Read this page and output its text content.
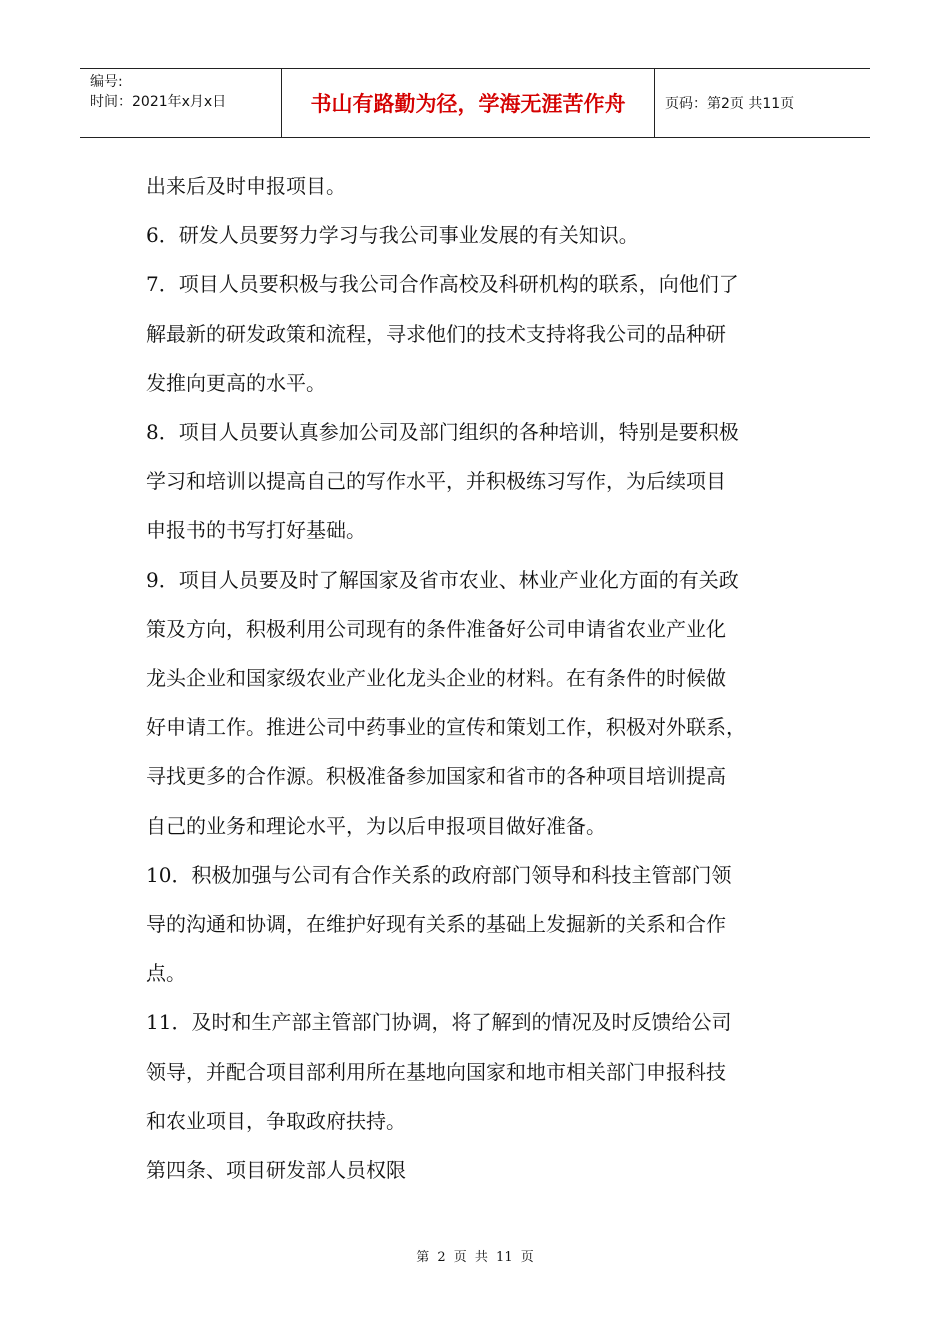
编号:
时间：2021年x月x日	书山有路勤为径，学海无涯苦作舟	页码：第2页 共11页

出来后及时申报项目。

6．研发人员要努力学习与我公司事业发展的有关知识。

7．项目人员要积极与我公司合作高校及科研机构的联系，向他们了

解最新的研发政策和流程，寻求他们的技术支持将我公司的品种研

发推向更高的水平。

8．项目人员要认真参加公司及部门组织的各种培训，特别是要积极

学习和培训以提高自己的写作水平，并积极练习写作，为后续项目

申报书的书写打好基础。

9．项目人员要及时了解国家及省市农业、林业产业化方面的有关政

策及方向，积极利用公司现有的条件准备好公司申请省农业产业化

龙头企业和国家级农业产业化龙头企业的材料。在有条件的时候做

好申请工作。推进公司中药事业的宣传和策划工作，积极对外联系，

寻找更多的合作源。积极准备参加国家和省市的各种项目培训提高

自己的业务和理论水平，为以后申报项目做好准备。

10．积极加强与公司有合作关系的政府部门领导和科技主管部门领

导的沟通和协调，在维护好现有关系的基础上发掘新的关系和合作

点。

11．及时和生产部主管部门协调，将了解到的情况及时反馈给公司

领导，并配合项目部利用所在基地向国家和地市相关部门申报科技

和农业项目，争取政府扶持。

第四条、项目研发部人员权限

第 2 页 共 11 页
